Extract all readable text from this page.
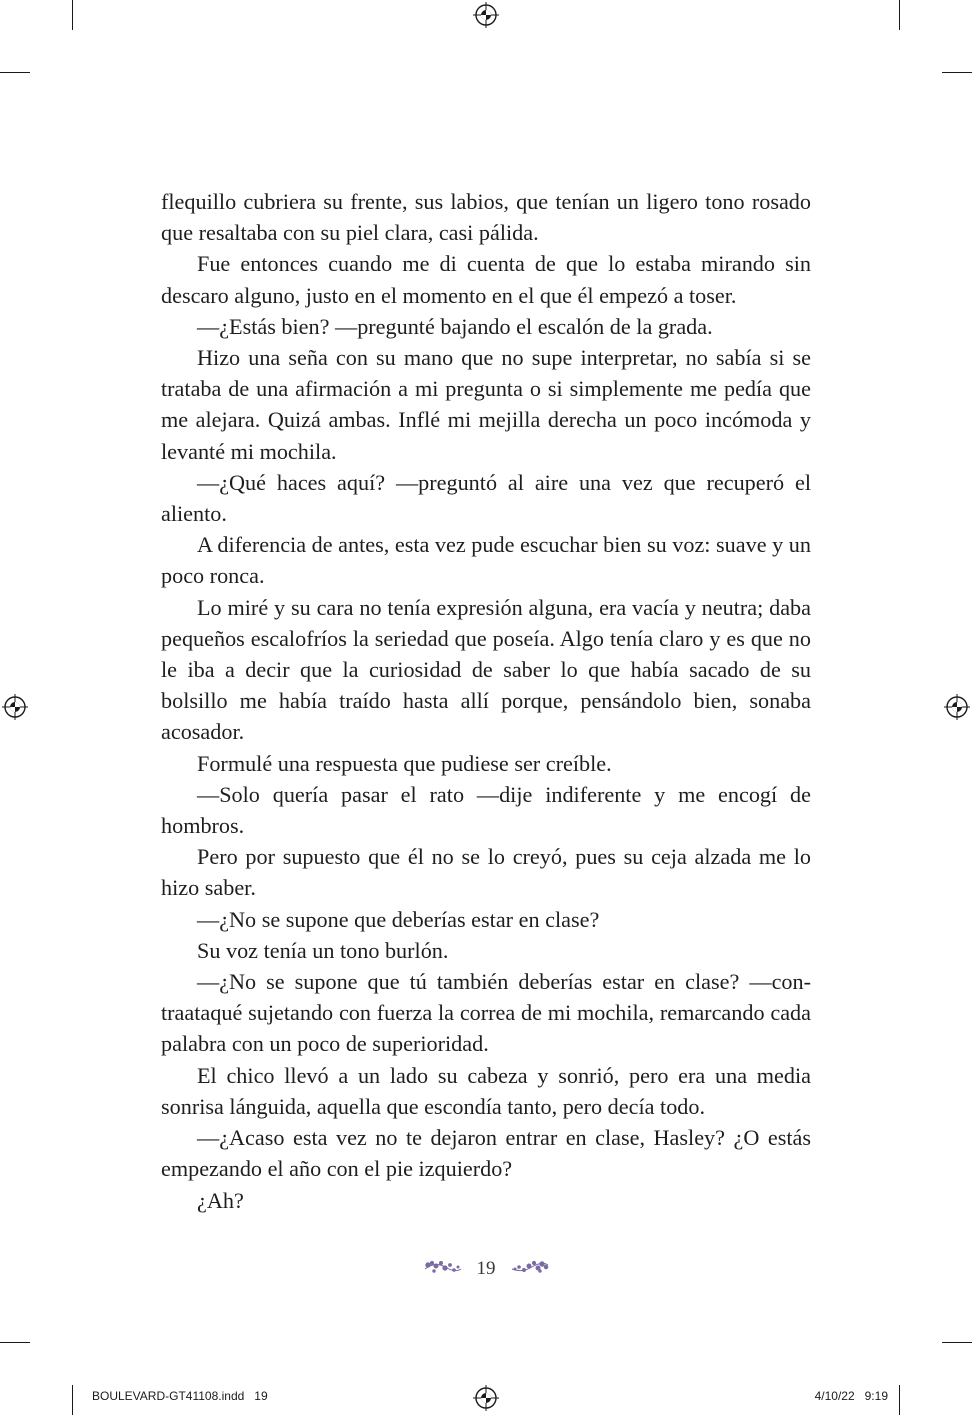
flequillo cubriera su frente, sus labios, que tenían un ligero tono rosado que resaltaba con su piel clara, casi pálida.

Fue entonces cuando me di cuenta de que lo estaba mirando sin descaro alguno, justo en el momento en el que él empezó a toser.

—¿Estás bien? —pregunté bajando el escalón de la grada.

Hizo una seña con su mano que no supe interpretar, no sabía si se trataba de una afirmación a mi pregunta o si simplemente me pedía que me alejara. Quizá ambas. Inflé mi mejilla derecha un poco incómoda y levanté mi mochila.

—¿Qué haces aquí? —preguntó al aire una vez que recuperó el aliento.

A diferencia de antes, esta vez pude escuchar bien su voz: suave y un poco ronca.

Lo miré y su cara no tenía expresión alguna, era vacía y neutra; daba pequeños escalofríos la seriedad que poseía. Algo tenía claro y es que no le iba a decir que la curiosidad de saber lo que había sacado de su bolsillo me había traído hasta allí porque, pensándolo bien, sonaba acosador.

Formulé una respuesta que pudiese ser creíble.

—Solo quería pasar el rato —dije indiferente y me encogí de hombros.

Pero por supuesto que él no se lo creyó, pues su ceja alzada me lo hizo saber.

—¿No se supone que deberías estar en clase?

Su voz tenía un tono burlón.

—¿No se supone que tú también deberías estar en clase? —contraataqué sujetando con fuerza la correa de mi mochila, remarcando cada palabra con un poco de superioridad.

El chico llevó a un lado su cabeza y sonrió, pero era una media sonrisa lánguida, aquella que escondía tanto, pero decía todo.

—¿Acaso esta vez no te dejaron entrar en clase, Hasley? ¿O estás empezando el año con el pie izquierdo?

¿Ah?

19
BOULEVARD-GT41108.indd   19	4/10/22   9:19
